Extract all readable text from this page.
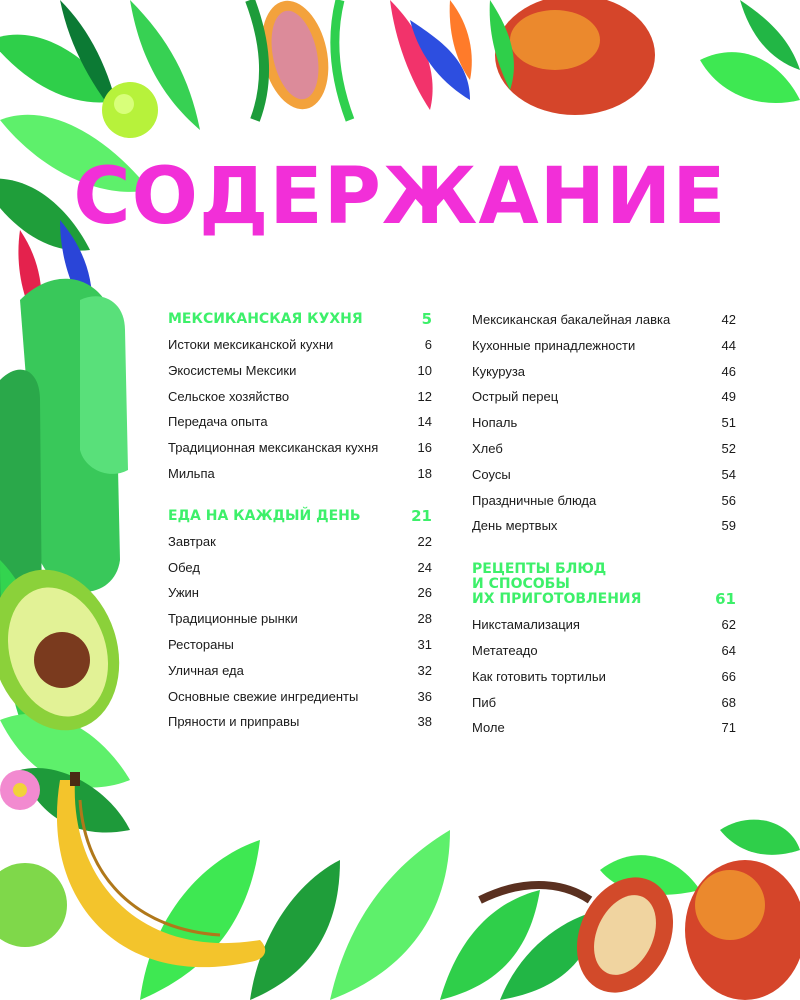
СОДЕРЖАНИЕ
МЕКСИКАНСКАЯ КУХНЯ	5
Истоки мексиканской кухни	6
Экосистемы Мексики	10
Сельское хозяйство	12
Передача опыта	14
Традиционная мексиканская кухня	16
Мильпа	18
ЕДА НА КАЖДЫЙ ДЕНЬ	21
Завтрак	22
Обед	24
Ужин	26
Традиционные рынки	28
Рестораны	31
Уличная еда	32
Основные свежие ингредиенты	36
Пряности и приправы	38
Мексиканская бакалейная лавка	42
Кухонные принадлежности	44
Кукуруза	46
Острый перец	49
Нопаль	51
Хлеб	52
Соусы	54
Праздничные блюда	56
День мертвых	59
РЕЦЕПТЫ БЛЮД
И СПОСОБЫ
ИХ ПРИГОТОВЛЕНИЯ	61
Никстамализация	62
Метатеадо	64
Как готовить тортильи	66
Пиб	68
Моле	71
